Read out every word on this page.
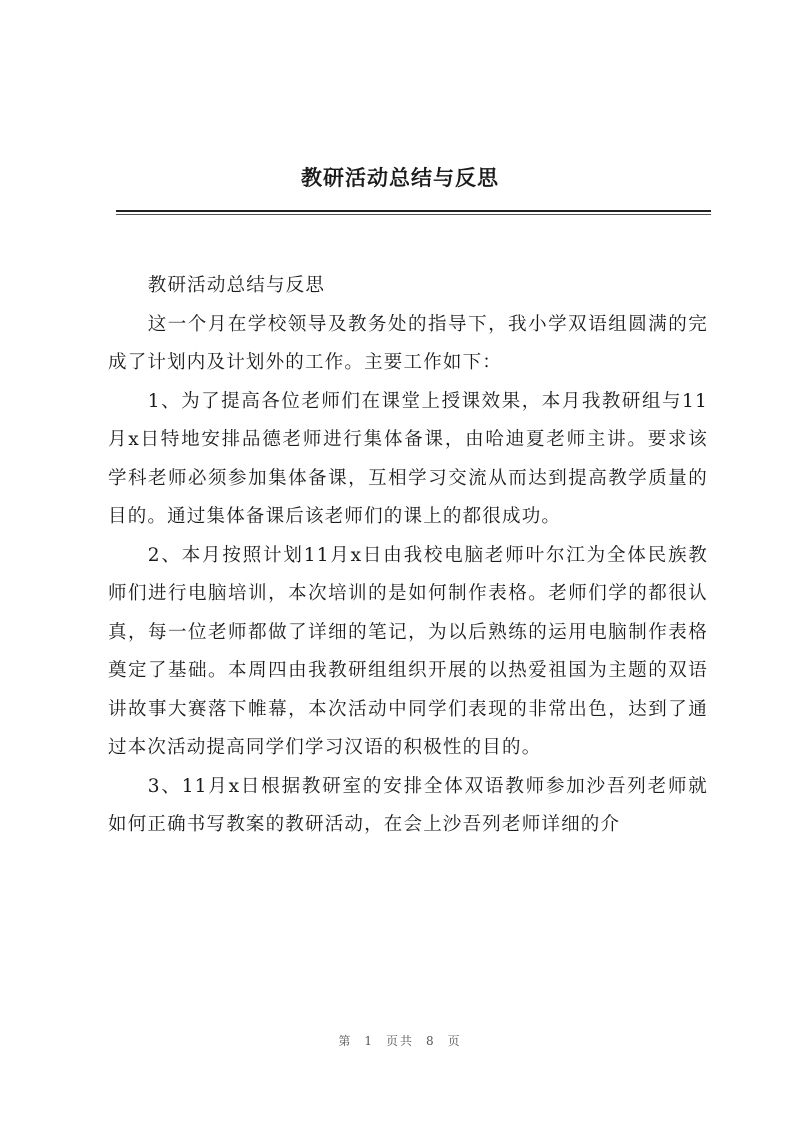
教研活动总结与反思

教研活动总结与反思

这一个月在学校领导及教务处的指导下，我小学双语组圆满的完成了计划内及计划外的工作。主要工作如下：

1、为了提高各位老师们在课堂上授课效果，本月我教研组与11月x日特地安排品德老师进行集体备课，由哈迪夏老师主讲。要求该学科老师必须参加集体备课，互相学习交流从而达到提高教学质量的目的。通过集体备课后该老师们的课上的都很成功。

2、本月按照计划11月x日由我校电脑老师叶尔江为全体民族教师们进行电脑培训，本次培训的是如何制作表格。老师们学的都很认真，每一位老师都做了详细的笔记，为以后熟练的运用电脑制作表格奠定了基础。本周四由我教研组组织开展的以热爱祖国为主题的双语讲故事大赛落下帷幕，本次活动中同学们表现的非常出色，达到了通过本次活动提高同学们学习汉语的积极性的目的。

3、11月x日根据教研室的安排全体双语教师参加沙吾列老师就如何正确书写教案的教研活动，在会上沙吾列老师详细的介

第 1 页共 8 页
